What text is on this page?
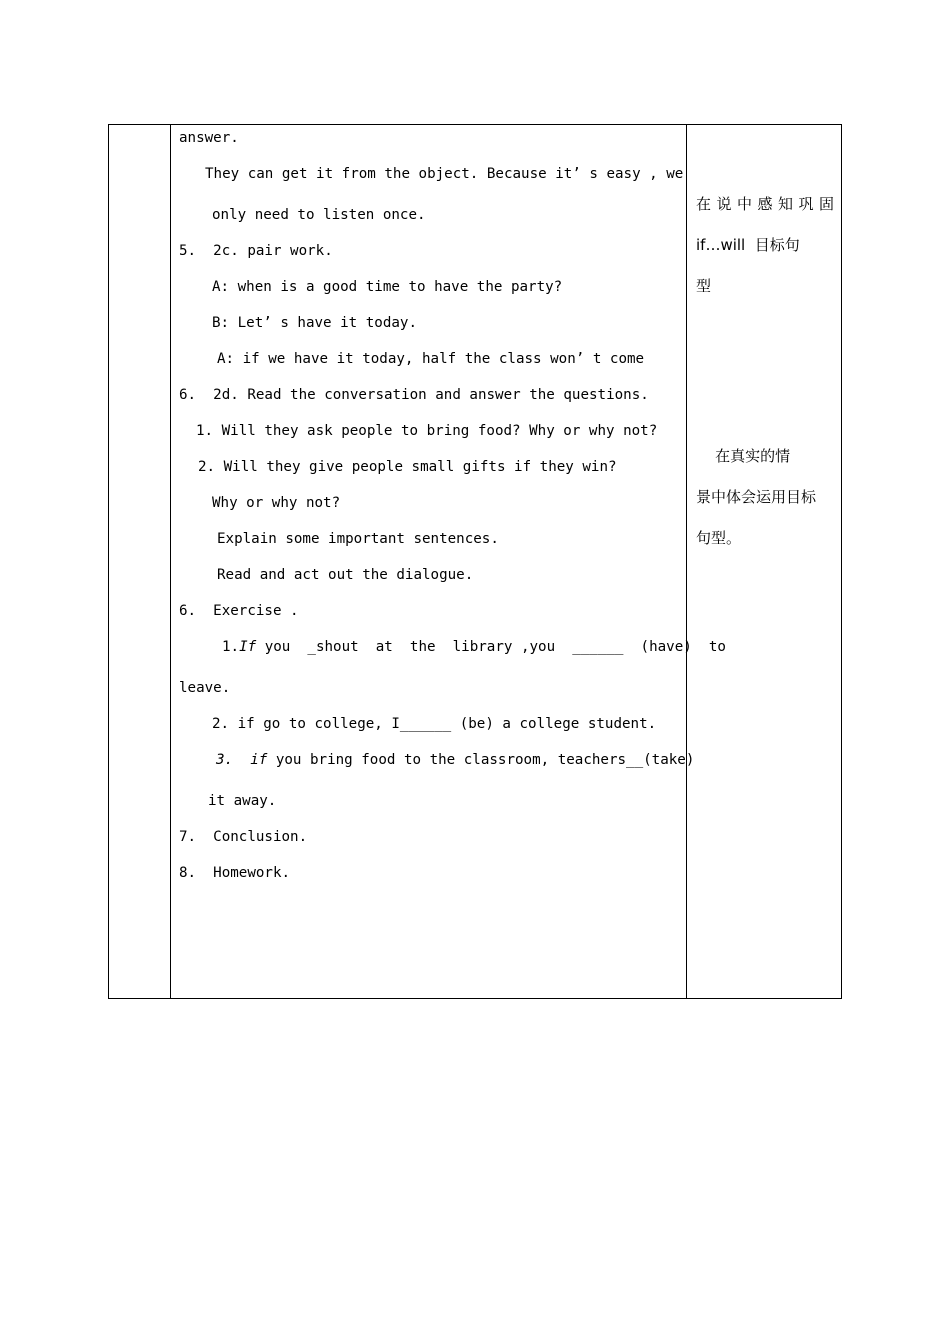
answer.
They can get it from the object. Because it’ s easy , we
only need to listen once.
5.  2c. pair work.
A: when is a good time to have the party?
B: Let’ s have it today.
A: if we have it today, half the class won’ t come
6.  2d. Read the conversation and answer the questions.
1. Will they ask people to bring food? Why or why not?
2. Will they give people small gifts if they win?
Why or why not?
Explain some important sentences.
Read and act out the dialogue.
6.  Exercise .
1.If you  _shout  at  the  library ,you  ______  (have)  to
leave.
2. if go to college, I______ (be) a college student.
3. if you bring food to the classroom, teachers__(take)
it away.
7.  Conclusion.
8.  Homework.
在说中感知巩固
if…will  目标句
型
在真实的情
景中体会运用目标
句型。
